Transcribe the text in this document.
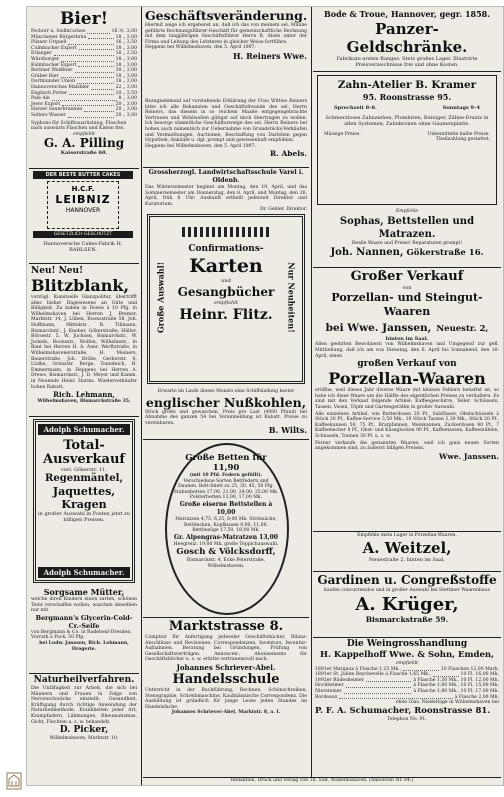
Bier!
Pschorr u. Sedlm'sches	16 ℳ. 3,00
Münchener Bürgerbräu	18 „ 3,00
Pilsner Urquell	16 „ 3,50
Culmbacher Export	18 „ 3,00
Erlanger	18 „ 2,50
Würzburger	18 „ 3,00
Kulmbacher Export	18 „ 3,00
Berliner Weißbier	30 „ 3,00
Gräber Bier	18 „ 3,00
Dortmunder Union	18 „ 3,00
Hannoversches Malzbier	22 „ 3,00
Englisch Porter	10 „ 3,50
Pale Ale	8 „ 3,00
Jever Export	20 „ 3,00
Harzer Sauerbrunnen	20 „ 3,00
Selters Wasser	20 „ 3,00
Syphons für Schiffsausrüstung, Flaschen nach auswärts Flaschen und Kisten frei.
empfiehlt
G. A. Pilling
Kaiserstraße 60.
DER BESTE BUTTER CAKES
H.C.F.
LEIBNIZ
HANNOVER
GESETZLICH GESCHÜTZT
Hannoversche Cakes-Fabrik H. BAHLSEN.
Neu! Neu!
Blitzblank,
vorzügl. Kunstseife Glanzpolitur, übertrifft alles bisher Dagewesene an Güte und Billigkeit. Zu haben in Dosen à 10 Pfg. in Wilhelmshaven bei Herren J. Bremer, Marktstr. 14, J. Lüben, Roonsstraße 58, Joh. Hoffmann, Mittelstr., R. Tilimann, Bismarckstr., J. Kneber, Gökerstraße, Hüller, Börsestr. 5, W. Juchsen, Bismarckstr., W. Jockels, Roonsstr., Wolfen, Wilhelmstr., in Bant bei Herren H. A. Auer, Werftstraße, in Wilhelmshavenerstraße, H. Meiners, Bauerstraße, Joh. Bröbe, Gerberstr. 6, Lüdke, Grenzstr. Berge, Tonndeich, H. Emmermann, in Heppens bei Herren A. Drews, Bismarckstr., J. D. Meyer und Kamm, in Neuende Heinr. Harms. Wiederverkäufer hohen Rabatt.
Rich. Lehmann,
Wilhelmshaven, Bismarckstraße 35.
Adolph Schumacher.
Total-
Ausverkauf
verl. Gökerstr. 11.
Regenmäntel,
Jaquettes,
Kragen
in großer Auswahl in Posten jetzt zu billigen Preisen.
Adolph Schumacher.
Sorgsame Mütter,
welche ihren Kindern einen zarten, schönen Teint verschaffen wollen, waschen dieselben nur mit
Bergmann's Glycerin-Cold-Cr.-Seife
von Bergmann & Co. in Radebeul-Dresden. Vorrath à Pack. 50 Pfg.
bei Ludw. Janssen, Rich. Lehmann, Drogerie.
Naturheilverfahren.
Die Unfähigkeit zur Arbeit, die sich bei Männern und Frauen in Folge von Nervenschwäche einstellt. Gesundheit, Kräftigung durch richtige Anwendung der Naturheilmethode. Krankheiten jeder Art, Krampfadern, Lähmungen, Rheumatismus, Gicht, Flechten u. s. w. behandelt.
D. Picker,
Wilhelmshaven, Marktstr. 10.
Geschäftsveränderung.
Hiermit zeige ich ergebenst an, daß ich das von meinem sel. Manne geführte Rechnungsführer-Geschäft für gemeinschaftliche Rechnung mit dem langjährigen Geschäftsführer Herrn R. Abels unter der Firma und Leitung des Letzteren in gleicher Weise fortführe.
Heppens bei Wilhelmshaven, den 5. April 1897.
H. Reiners Wwe.
Bezugnehmend auf vorstehende Erklärung der Frau Wittwe Reiners bitte ich alle Bekannten und Geschäftsfreunde des sel. Herrn Reiners, das diesem in so reichem Maaße entgegengebrachte Vertrauen und Wohlwollen gütigst auf mich übertragen zu wollen. Ich besorge sämmtliche Geschäftszweige des sel. Herrn Reiners bei hohen auch namentlich zur Uebernahme von Grundstücks-Verkäufen und Vermiethungen, Auctionen, Beschaffung von Darlehen gegen Hypothek, Ankäufe u. dgl. prompt und gewissenhaft empfohlen.
Heppens bei Wilhelmshaven, den 5. April 1897.
R. Abels.
Grossherzogl. Landwirtschaftsschule Varel i. Oldenb.
Das Wintersemester beginnt am Montag, den 19. April, und das Sommersemester am Donnerstag, den 8. April, und Montag, den 26. April, früh 8 Uhr. Auskunft ertheilt jederzeit Direktor und Kuratorium.
Dr. Gehler, Direktor.
Große Auswahl!	Nur Neuheiten!
Confirmations-
Karten
und
Gesangbücher
empfiehlt
Heinr. Flitz.
Erwarte im Laufe dieses Monats eine Schiffsladung bester
englischer Nußkohlen,
Stück größe und gewaschen. Preis pro Last (4000 Pfund) bei Abnahme des ganzen 54 bei Voranmeldung ist Rabatt. Preise zu vereinbaren.
B. Wilts.
Große Betten für 11,90
(mit 10 Pfd. Federn gefüllt).
Verschiedene Sorten Bettfedern und Daunen. Bett-Inlett zu 25, 30, 45, 50 Pfg. Stubenbetten 17,00, 21,00, 24,00, 25,00 Mk. Polsterbetten 13,00, 17,00 Mk.
Große eiserne Bettstellen à 10,00
Matratzen 4,75, 6,25, 8,00 Mk. Strohsäcke, Bettdecken, Kopfkissen 9,00, 11,00. Bettbezüge 17,50, 18,00 Mk.
Gr. Alpengras-Matratzen 13,00
Heegrenz. 19,00 Mk. große Teppichauswahl.
Gosch & Völcksdorff,
Bismarckstr. 4, Ecke Peterstraße, Wilhelmshaven.
Marktstrasse 8.
Comptoir für Anfertigung jedweder Geschäftsbücher, Bilanz-Abschlüsse und Revisionen, Correspondenzen, Inventurs, Inventur-Aufnahmen. Beratung bei Gründungen, Prüfung von Gesellschaftsverträgen. Annoncen-, Abonnements für Geschäftsbücher u. s. w. erbitte vertrauensvoll nach.
Johannes Schriever-Abel.
Handelsschule
Unterricht in der Buchführung, Rechnen, Schönschreiben, Stenographie, Schreibmaschine, Kaufmännische Correspondenz. Die Ausbildung ist gründlich für junge Leute jeden Standes im Handelsfache.
Johannes Schriever-Abel, Marktstr. 8, a. I.
Bode & Troue, Hannover, gegr. 1858.
Panzer-Geldschränke.
Fabrikate ersten Ranges. Stets großes Lager. Illustrirte Preisverzeichnisse frei und ohne Kosten.
Zahn-Atelier B. Kramer
95. Roonstrasse 95.
Sprechzeit 8–8.	Sonntags 9–4
Schmerzloses Zahnziehen, Plombiren, Reiniger, Zähne-Ersatz in allen Systemen, Zahnkronen ohne Gaumenplatte.
Mässige Preise.	Unbemittelte halbe Preise. Theilzahlung gestattet.
Empfehle
Sophas, Bettstellen und Matrazen.
Reelle Waare und Preise! Reparaturen prompt!
Joh. Nannen, Gökerstraße 16.
Großer Verkauf
von
Porzellan- und Steingut-Waaren
bei Wwe. Janssen, Neuestr. 2,
hinten im Saal.
Allen geehrten Bewohnern von Wilhelmshaven und Umgegend zur gefl. Mittheilung, daß ich am von Dienstag, den 6. April bis Sonnabend, den 10. April, einen
großen Verkauf von
Porzellan-Waaren
eröffne, weil dieses Jahr diverse Waare mit kleinen Fehlern behaftet ist, so habe ich diese Waare um die Hälfte des eigentlichen Preises zu veräußern. Es sind mit den Verkauf folgende Artikel: Kaffeegeschirre, Teller, Schüsseln, Tassen, Vasen, Töpfe und Gartengeräthe in großer Auswahl.
Alle einzelnen Artikel, wie Butterdosen 20 Pf., Salzfässer, Obstschüsseln à Stück 20 Pf., Kaffee-Service 3,50 Mk., 10 Stück Tassen 3,30 Mk., Stück 20 Pf., Kaffeekannen 50, 75 Pf., Bratpfannen, Weinkannen, Zuckerdosen 80 Pf., 7 Kaffeebecher 8 Pf., Obst- und Käseglocken 90 Pf., Kaffeetassen, Kaffeemühlen, Schüsseln, Tonnen 30 Pf. u. s. w.
Ferner verkaufe die genannten Waaren, weil ich ganz neuen Sorten angekommen sind, zu äußerst billigen Preisen.
Wwe. Janssen.
Empfehle mein Lager in Porzellan-Waaren.
A. Weitzel,
Neuestraße 2, hinten im Saal.
Gardinen u. Congreßstoffe
kaufen concurrenzlos und in großer Auswahl bei Stettiner Waarenhaus
A. Krüger,
Bismarckstraße 59.
Die Weingrosshandlung
H. Kappelhoff Wwe. & Sohn, Emden,
empfiehlt
1891er Margaux à Flasche 1,25 Mk.,	10 Flaschen 12,00 Mark,
1891er St. Julien Beychevelle à Flasche 1,65 Mk.,	10 Fl. 16,00 Mk.
1892er Rüdesheimer	à Flasche 1,30 Mk., 10 Fl. 12,00 Mk.
Hochheimer	à Flasche 1,60 Mk., 10 Fl. 15,00 Mk.
Niersteiner	à Flasche 1,80 Mk., 10 Fl. 17,00 Mk.
Bordeaux	à Flasche 2,00 Mk.
ohne Glas. Niederlage in Wilhelmshaven bei
P. F. A. Schumacher, Roonstrasse 81.
Telephon No. 91.
Redaktion, Druck und Verlag von Th. Süß, Wilhelmshaven. (Annoncen Nr. 84.)
